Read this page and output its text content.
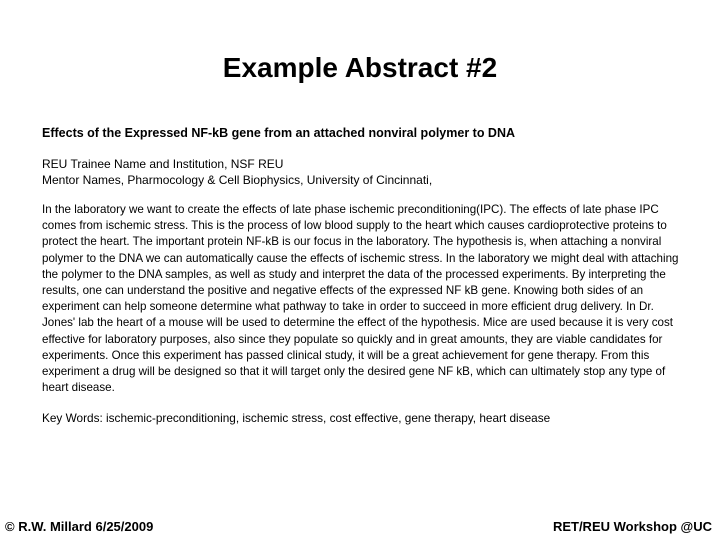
Example Abstract #2

Effects of the Expressed NF-kB gene from an attached nonviral polymer to DNA

REU Trainee Name and Institution, NSF REU
Mentor Names, Pharmocology & Cell Biophysics, University of Cincinnati,

In the laboratory we want to create the effects of late phase ischemic preconditioning(IPC). The effects of late phase IPC comes from ischemic stress. This is the process of low blood supply to the heart which causes cardioprotective proteins to protect the heart. The important protein NF-kB is our focus in the laboratory. The hypothesis is, when attaching a nonviral polymer to the DNA we can automatically cause the effects of ischemic stress. In the laboratory we might deal with attaching the polymer to the DNA samples, as well as study and interpret the data of the processed experiments. By interpreting the results, one can understand the positive and negative effects of the expressed NF kB gene. Knowing both sides of an experiment can help someone determine what pathway to take in order to succeed in more efficient drug delivery. In Dr. Jones' lab the heart of a mouse will be used to determine the effect of the hypothesis. Mice are used because it is very cost effective for laboratory purposes, also since they populate so quickly and in great amounts, they are viable candidates for experiments. Once this experiment has passed clinical study, it will be a great achievement for gene therapy. From this experiment a drug will be designed so that it will target only the desired gene NF kB, which can ultimately stop any type of heart disease.

Key Words: ischemic-preconditioning, ischemic stress, cost effective, gene therapy, heart disease

© R.W. Millard 6/25/2009	RET/REU Workshop @UC
